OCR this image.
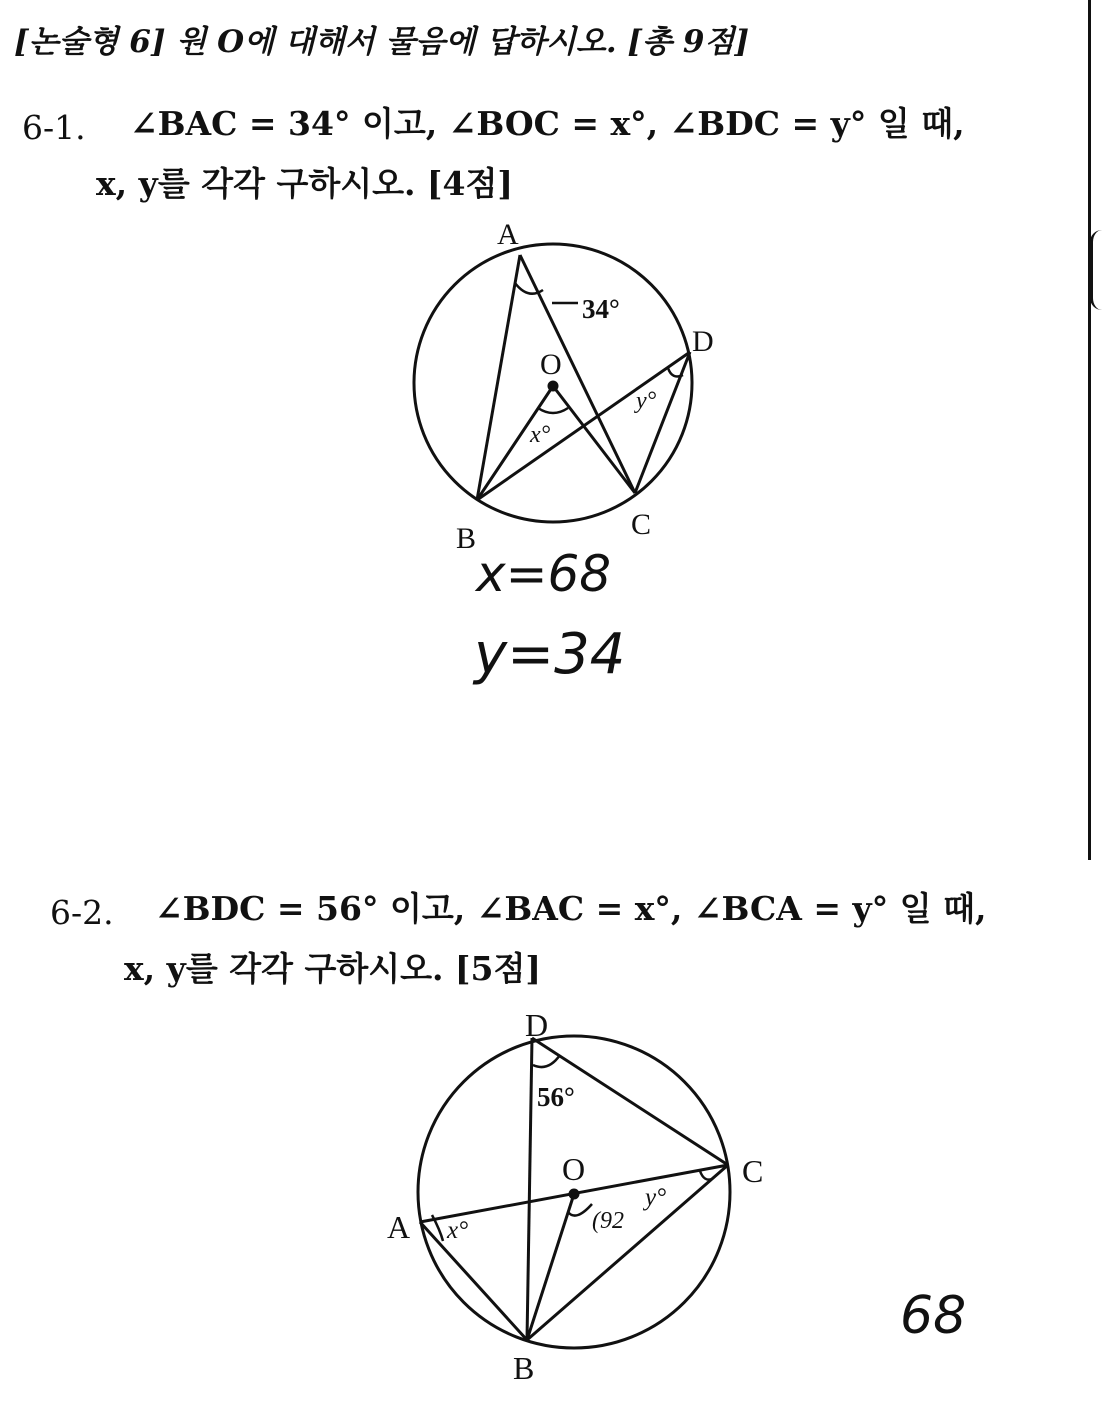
[논술형 6] 원 O에 대해서 물음에 답하시오. [총 9점]
6-1. ∠BAC = 34° 이고, ∠BOC = x°, ∠BDC = y° 일 때,
x, y를 각각 구하시오. [4점]
A
B	C
D
O
34°
x°
y°
x=68
y=34
6-2. ∠BDC = 56° 이고, ∠BAC = x°, ∠BCA = y° 일 때,
x, y를 각각 구하시오. [5점]
D
O
A
C
B
56°
x°
y°
(92
68
